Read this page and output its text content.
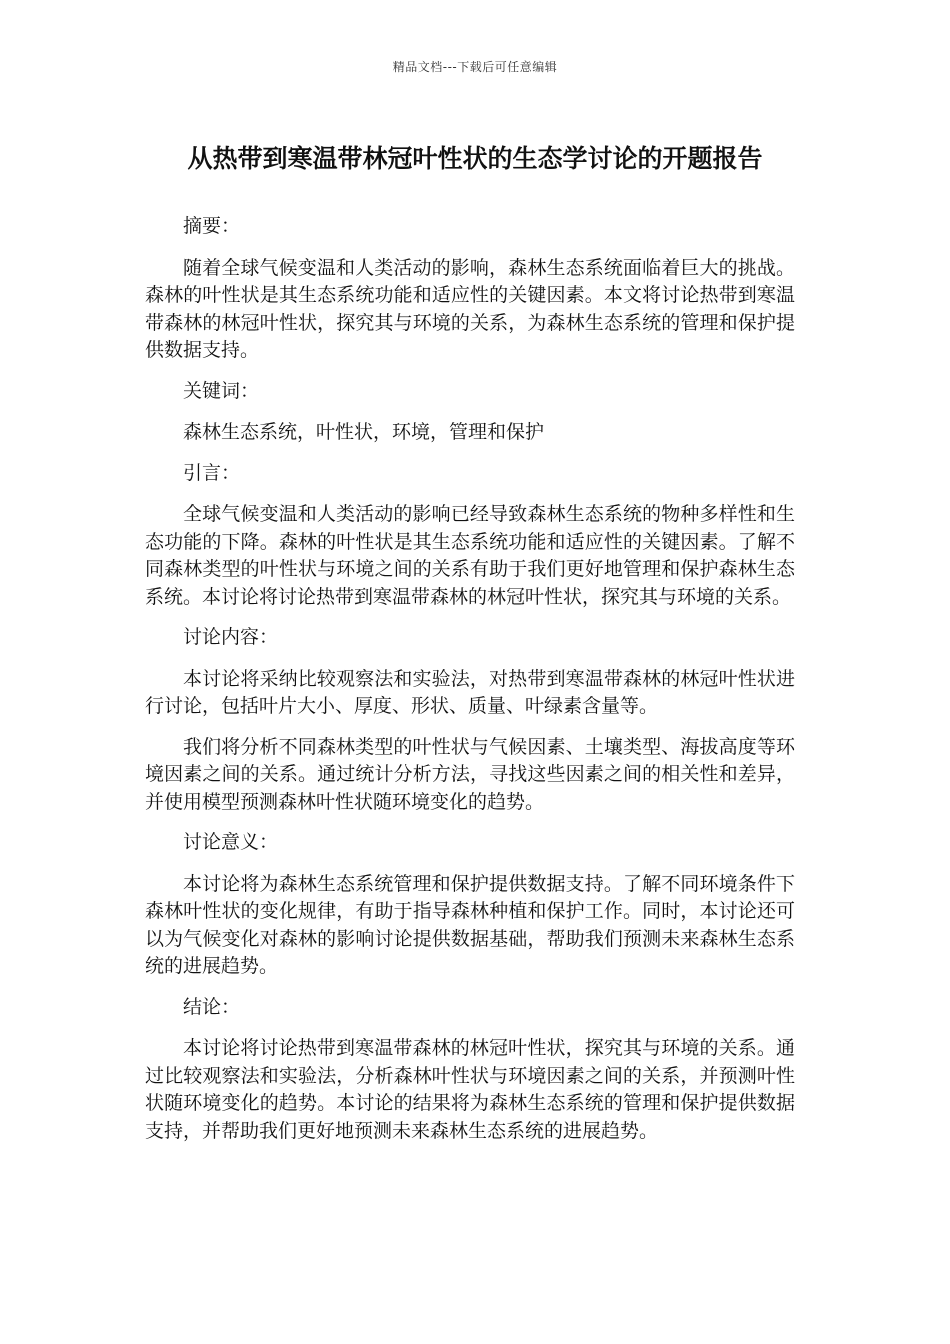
精品文档---下载后可任意编辑
从热带到寒温带林冠叶性状的生态学讨论的开题报告

摘要：

随着全球气候变温和人类活动的影响，森林生态系统面临着巨大的挑战。森林的叶性状是其生态系统功能和适应性的关键因素。本文将讨论热带到寒温带森林的林冠叶性状，探究其与环境的关系，为森林生态系统的管理和保护提供数据支持。

关键词：

森林生态系统，叶性状，环境，管理和保护

引言：

全球气候变温和人类活动的影响已经导致森林生态系统的物种多样性和生态功能的下降。森林的叶性状是其生态系统功能和适应性的关键因素。了解不同森林类型的叶性状与环境之间的关系有助于我们更好地管理和保护森林生态系统。本讨论将讨论热带到寒温带森林的林冠叶性状，探究其与环境的关系。

讨论内容：

本讨论将采纳比较观察法和实验法，对热带到寒温带森林的林冠叶性状进行讨论，包括叶片大小、厚度、形状、质量、叶绿素含量等。

我们将分析不同森林类型的叶性状与气候因素、土壤类型、海拔高度等环境因素之间的关系。通过统计分析方法，寻找这些因素之间的相关性和差异，并使用模型预测森林叶性状随环境变化的趋势。

讨论意义：

本讨论将为森林生态系统管理和保护提供数据支持。了解不同环境条件下森林叶性状的变化规律，有助于指导森林种植和保护工作。同时，本讨论还可以为气候变化对森林的影响讨论提供数据基础，帮助我们预测未来森林生态系统的进展趋势。

结论：

本讨论将讨论热带到寒温带森林的林冠叶性状，探究其与环境的关系。通过比较观察法和实验法，分析森林叶性状与环境因素之间的关系，并预测叶性状随环境变化的趋势。本讨论的结果将为森林生态系统的管理和保护提供数据支持，并帮助我们更好地预测未来森林生态系统的进展趋势。
